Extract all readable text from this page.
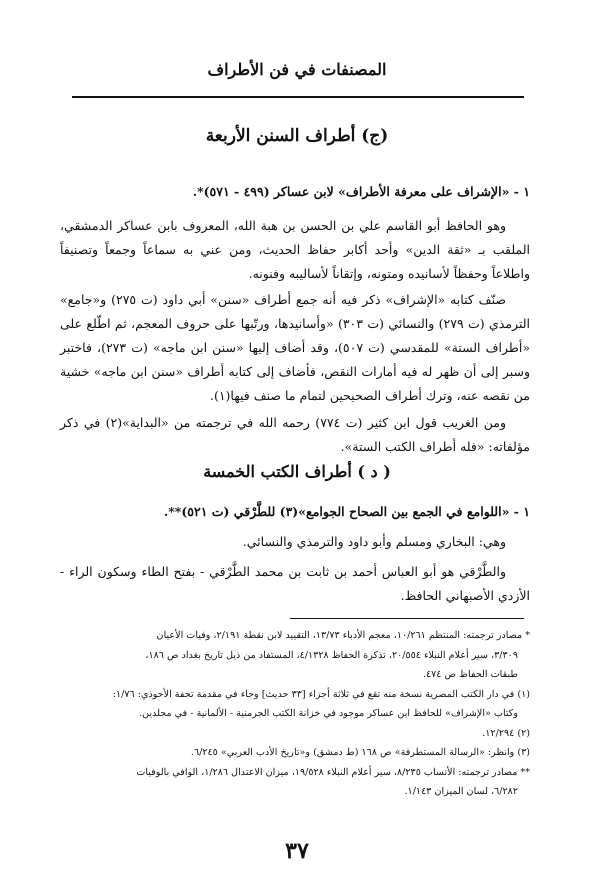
المصنفات في فن الأطراف
(ج) أطراف السنن الأربعة
١ - «الإشراف على معرفة الأطراف» لابن عساكر (٤٩٩ - ٥٧١)*.
وهو الحافظ أبو القاسم علي بن الحسن بن هبة الله، المعروف بابن عساكر الدمشقي، الملقب بـ «ثقة الدين» وأحد أكابر حفاظ الحديث، ومن عني به سماعاً وجمعاً وتصنيفاً واطلاعاً وحفظاً لأسانيده ومتونه، وإتقاناً لأساليبه وفنونه.
صنّف كتابه «الإشراف» ذكر فيه أنه جمع أطراف «سنن» أبي داود (ت ٢٧٥) و«جامع» الترمذي (ت ٢٧٩) والنسائي (ت ٣٠٣) «وأسانيدها، ورتّبها على حروف المعجم، ثم اطّلع على «أطراف الستة» للمقدسي (ت ٥٠٧)، وقد أضاف إليها «سنن ابن ماجه» (ت ٢٧٣)، فاختبر وسبر إلى أن ظهر له فيه أمارات النقص، فأضاف إلى كتابه أطراف «سنن ابن ماجه» خشية من نقصه عنه، وترك أطراف الصحيحين لتمام ما صنف فيها(١).
ومن الغريب قول ابن كثير (ت ٧٧٤) رحمه الله في ترجمته من «البداية»(٢) في ذكر مؤلفاته: «فله أطراف الكتب الستة».
( د ) أطراف الكتب الخمسة
١ - «اللوامع في الجمع بين الصحاح الجوامع»(٣) للطَّرْقي (ت ٥٢١)**.
وهي: البخاري ومسلم وأبو داود والترمذي والنسائي.
والطَّرْقي هو أبو العباس أحمد بن ثابت بن محمد الطَّرْقي - بفتح الطاء وسكون الراء - الأزدي الأصبهاني الحافظ.
* مصادر ترجمته: المنتظم ١٠/٢٦١، معجم الأدباء ١٣/٧٣، التقييد لابن نقطة ٢/١٩١، وفيات الأعيان
٣/٣٠٩، سير أعلام النبلاء ٢٠/٥٥٤، تذكرة الحفاظ ٤/١٣٢٨، المستفاد من ذيل تاريخ بغداد ص ١٨٦،
طبقات الحفاظ ص ٤٧٤.
(١) في دار الكتب المصرية نسخة منه تقع في ثلاثة أجزاء [٣٣ حديث] وجاء في مقدمة تحفة الأحوذي: ١/٧٦:
وكتاب «الإشراف» للحافظ ابن عساكر موجود في خزانة الكتب الجرمنية - الألمانية - في مجلدين.
(٢) ١٢/٢٩٤.
(٣) وانظر: «الرسالة المستطرفة» ص ١٦٨ (ط دمشق) و«تاريخ الأدب العربي» ٦/٢٤٥.
** مصادر ترجمته: الأنساب ٨/٢٣٥، سير أعلام النبلاء ١٩/٥٢٨، ميزان الاعتدال ١/٢٨٦، الوافي بالوفيات
٦/٢٨٢، لسان الميزان ١/١٤٣.
٣٧
